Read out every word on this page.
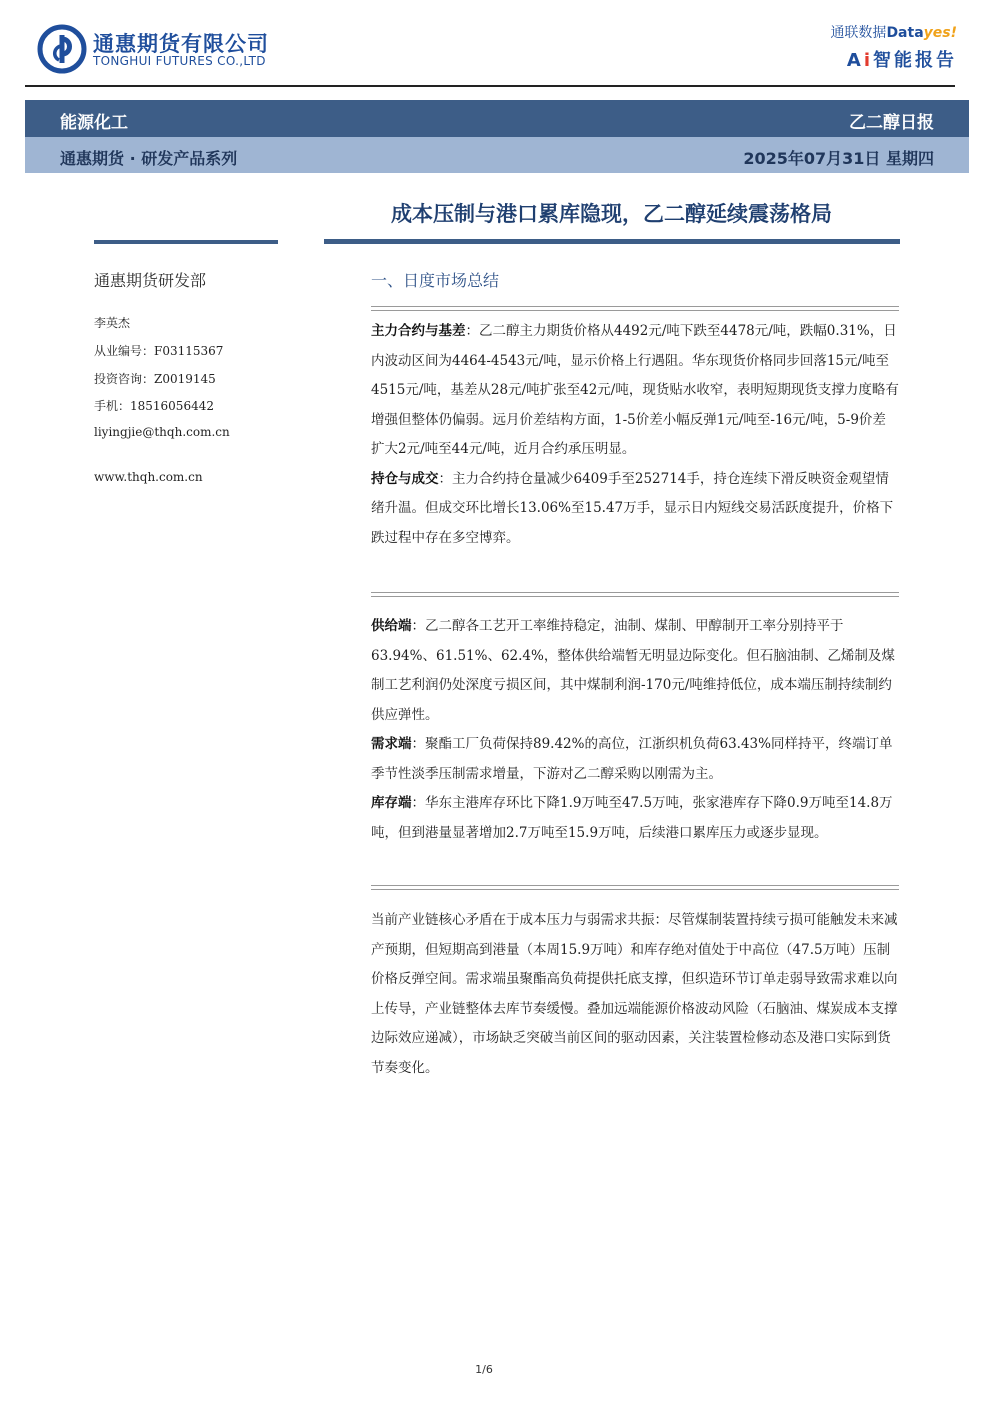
通惠期货有限公司
TONGHUI FUTURES CO.,LTD
通联数据Datayes!
Ai智能报告
能源化工	乙二醇日报
通惠期货 · 研发产品系列	2025年07月31日 星期四
成本压制与港口累库隐现，乙二醇延续震荡格局
通惠期货研发部
李英杰
从业编号：F03115367
投资咨询：Z0019145
手机：18516056442
liyingjie@thqh.com.cn
www.thqh.com.cn
一、日度市场总结

主力合约与基差：乙二醇主力期货价格从4492元/吨下跌至4478元/吨，跌幅0.31%，日内波动区间为4464-4543元/吨，显示价格上行遇阻。华东现货价格同步回落15元/吨至4515元/吨，基差从28元/吨扩张至42元/吨，现货贴水收窄，表明短期现货支撑力度略有增强但整体仍偏弱。远月价差结构方面，1-5价差小幅反弹1元/吨至-16元/吨，5-9价差扩大2元/吨至44元/吨，近月合约承压明显。

持仓与成交：主力合约持仓量减少6409手至252714手，持仓连续下滑反映资金观望情绪升温。但成交环比增长13.06%至15.47万手，显示日内短线交易活跃度提升，价格下跌过程中存在多空博弈。

供给端：乙二醇各工艺开工率维持稳定，油制、煤制、甲醇制开工率分别持平于63.94%、61.51%、62.4%，整体供给端暂无明显边际变化。但石脑油制、乙烯制及煤制工艺利润仍处深度亏损区间，其中煤制利润-170元/吨维持低位，成本端压制持续制约供应弹性。

需求端：聚酯工厂负荷保持89.42%的高位，江浙织机负荷63.43%同样持平，终端订单季节性淡季压制需求增量，下游对乙二醇采购以刚需为主。

库存端：华东主港库存环比下降1.9万吨至47.5万吨，张家港库存下降0.9万吨至14.8万吨，但到港量显著增加2.7万吨至15.9万吨，后续港口累库压力或逐步显现。

当前产业链核心矛盾在于成本压力与弱需求共振：尽管煤制装置持续亏损可能触发未来减产预期，但短期高到港量（本周15.9万吨）和库存绝对值处于中高位（47.5万吨）压制价格反弹空间。需求端虽聚酯高负荷提供托底支撑，但织造环节订单走弱导致需求难以向上传导，产业链整体去库节奏缓慢。叠加远端能源价格波动风险（石脑油、煤炭成本支撑边际效应递减），市场缺乏突破当前区间的驱动因素，关注装置检修动态及港口实际到货节奏变化。

1/6
